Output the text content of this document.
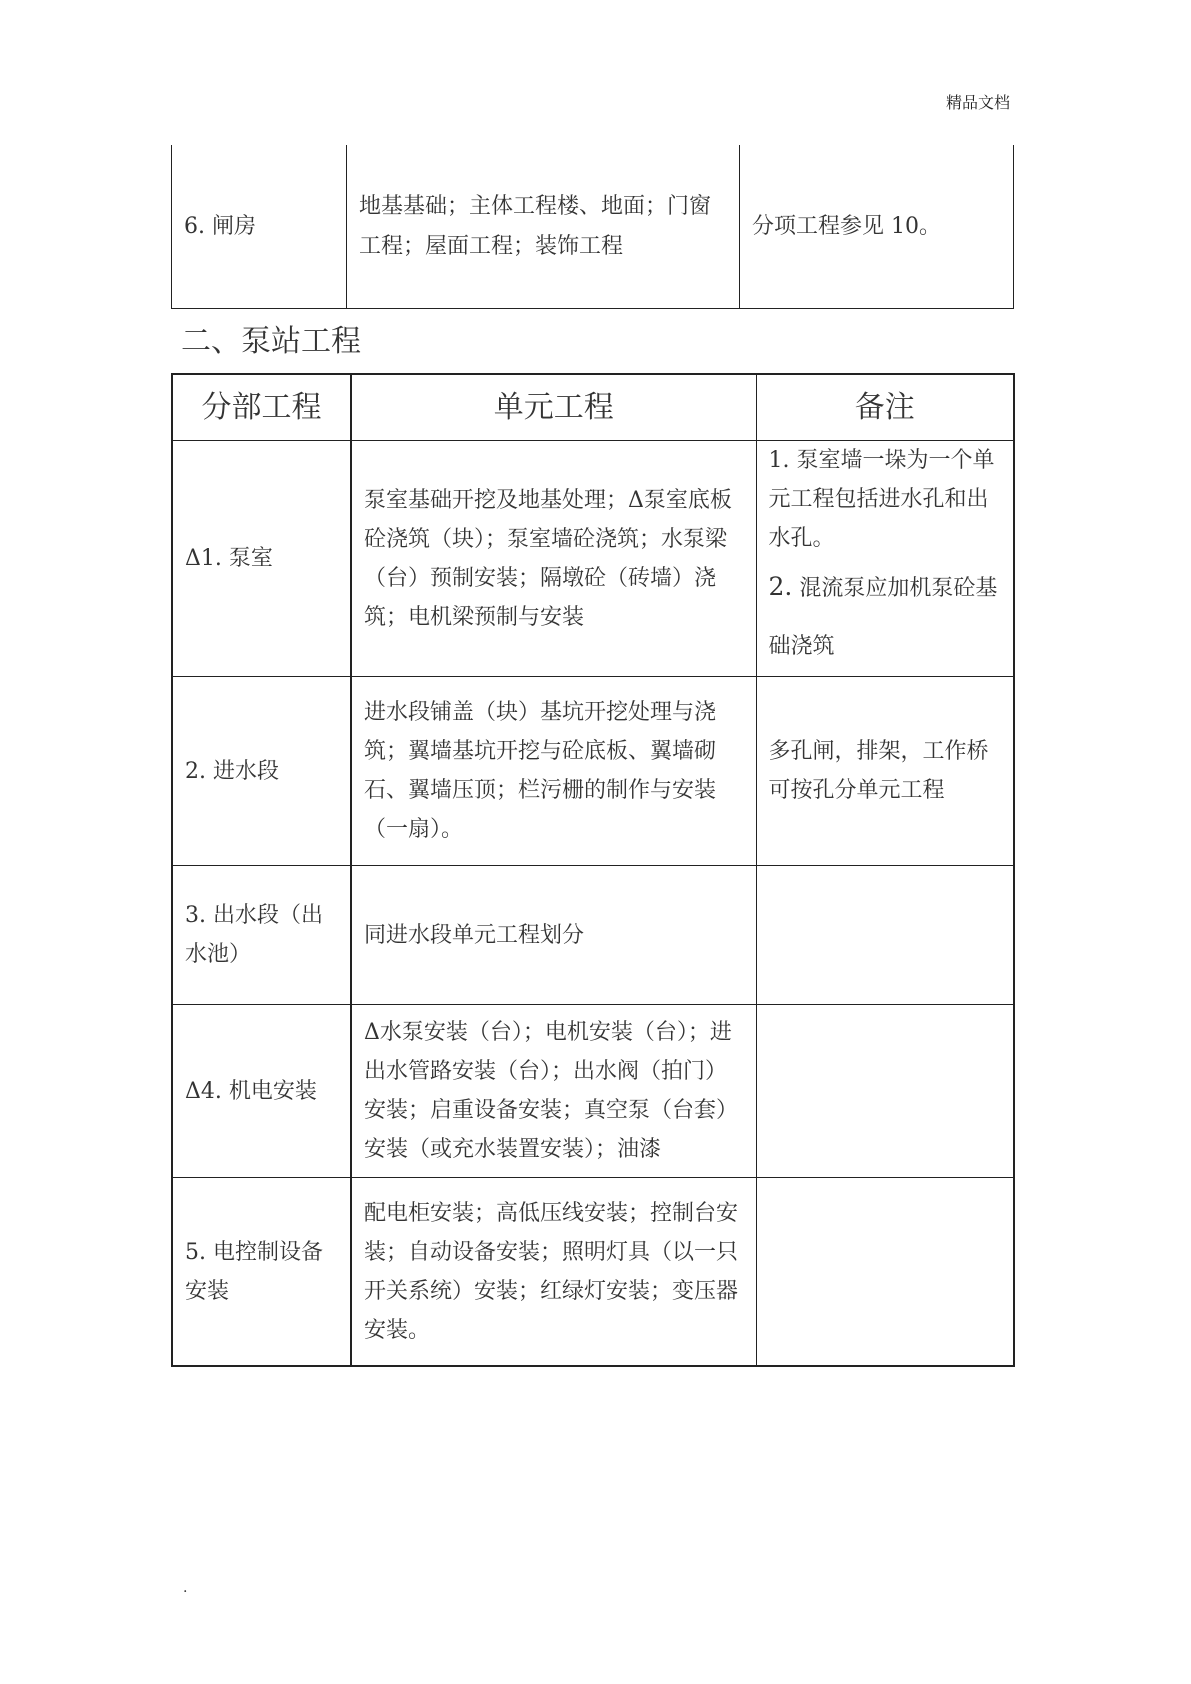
精品文档
6. 闸房	地基基础；主体工程楼、地面；门窗工程；屋面工程；装饰工程	分项工程参见 10。
二、泵站工程
分部工程	单元工程	备注
Δ1. 泵室	泵室基础开挖及地基处理；Δ泵室底板砼浇筑（块）；泵室墙砼浇筑；水泵梁（台）预制安装；隔墩砼（砖墙）浇筑；电机梁预制与安装	1. 泵室墙一垛为一个单元工程包括进水孔和出水孔。
2. 混流泵应加机泵砼基础浇筑

2. 进水段	进水段铺盖（块）基坑开挖处理与浇筑；翼墙基坑开挖与砼底板、翼墙砌石、翼墙压顶；栏污栅的制作与安装（一扇）。	多孔闸，排架，工作桥可按孔分单元工程
3. 出水段（出水池）	同进水段单元工程划分	
Δ4. 机电安装	Δ水泵安装（台）；电机安装（台）；进出水管路安装（台）；出水阀（拍门）安装；启重设备安装；真空泵（台套）安装（或充水装置安装）；油漆	
5. 电控制设备安装	配电柜安装；高低压线安装；控制台安装；自动设备安装；照明灯具（以一只开关系统）安装；红绿灯安装；变压器安装。	
.
